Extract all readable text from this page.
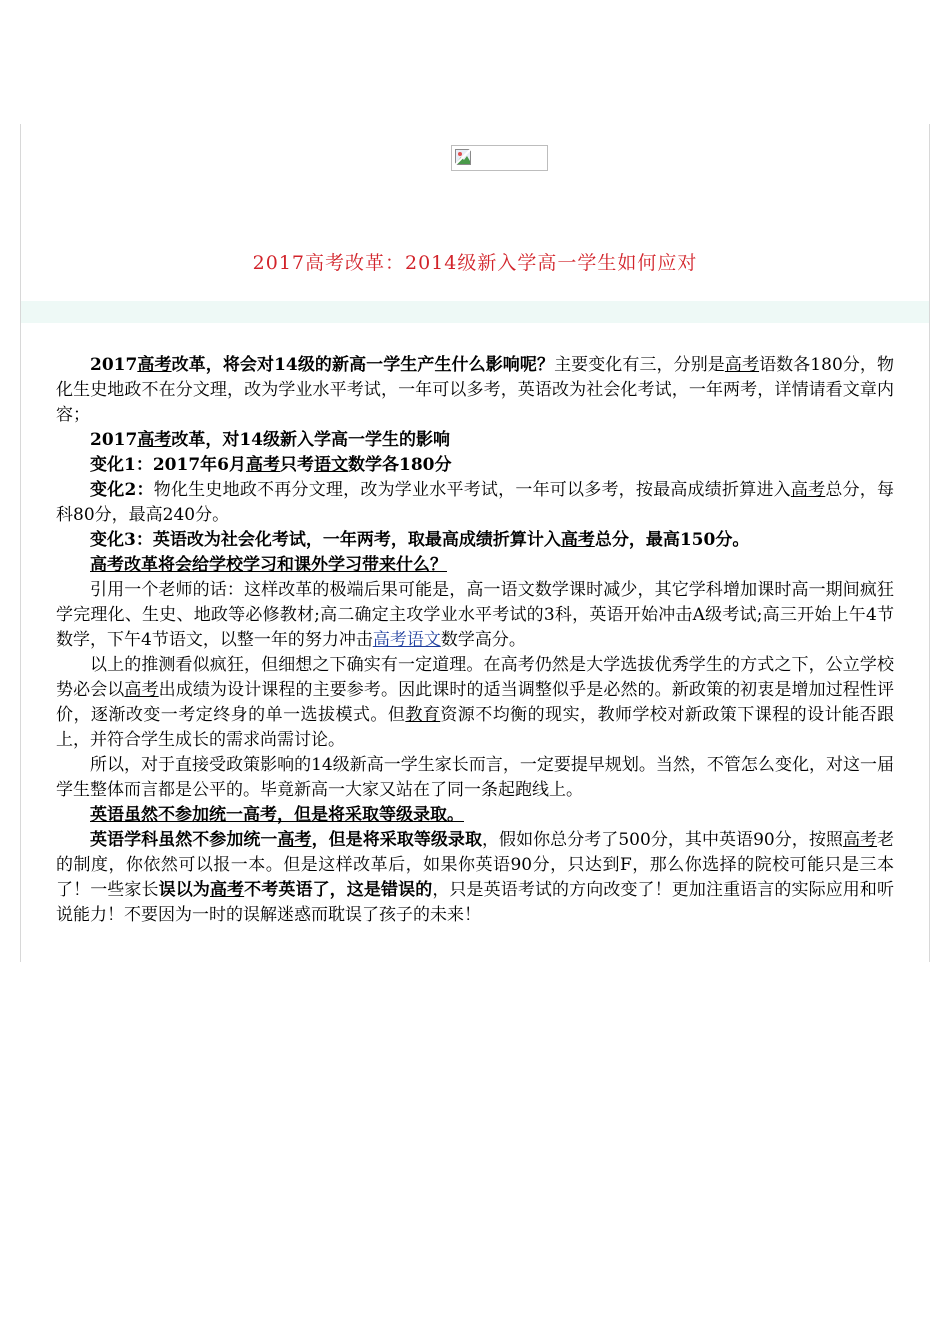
2017高考改革：2014级新入学高一学生如何应对

2017高考改革，将会对14级的新高一学生产生什么影响呢？主要变化有三，分别是高考语数各180分，物化生史地政不在分文理，改为学业水平考试，一年可以多考，英语改为社会化考试，一年两考，详情请看文章内容；

2017高考改革，对14级新入学高一学生的影响

变化1：2017年6月高考只考语文数学各180分

变化2：物化生史地政不再分文理，改为学业水平考试，一年可以多考，按最高成绩折算进入高考总分，每科80分，最高240分。

变化3：英语改为社会化考试，一年两考，取最高成绩折算计入高考总分，最高150分。

高考改革将会给学校学习和课外学习带来什么？

引用一个老师的话：这样改革的极端后果可能是，高一语文数学课时减少，其它学科增加课时高一期间疯狂学完理化、生史、地政等必修教材;高二确定主攻学业水平考试的3科，英语开始冲击A级考试;高三开始上午4节数学，下午4节语文，以整一年的努力冲击高考语文数学高分。

以上的推测看似疯狂，但细想之下确实有一定道理。在高考仍然是大学选拔优秀学生的方式之下，公立学校势必会以高考出成绩为设计课程的主要参考。因此课时的适当调整似乎是必然的。新政策的初衷是增加过程性评价，逐渐改变一考定终身的单一选拔模式。但教育资源不均衡的现实，教师学校对新政策下课程的设计能否跟上，并符合学生成长的需求尚需讨论。

所以，对于直接受政策影响的14级新高一学生家长而言，一定要提早规划。当然，不管怎么变化，对这一届学生整体而言都是公平的。毕竟新高一大家又站在了同一条起跑线上。

英语虽然不参加统一高考，但是将采取等级录取。

英语学科虽然不参加统一高考，但是将采取等级录取，假如你总分考了500分，其中英语90分，按照高考老的制度，你依然可以报一本。但是这样改革后，如果你英语90分，只达到F，那么你选择的院校可能只是三本了！一些家长误以为高考不考英语了，这是错误的，只是英语考试的方向改变了！更加注重语言的实际应用和听说能力！不要因为一时的误解迷惑而耽误了孩子的未来！
